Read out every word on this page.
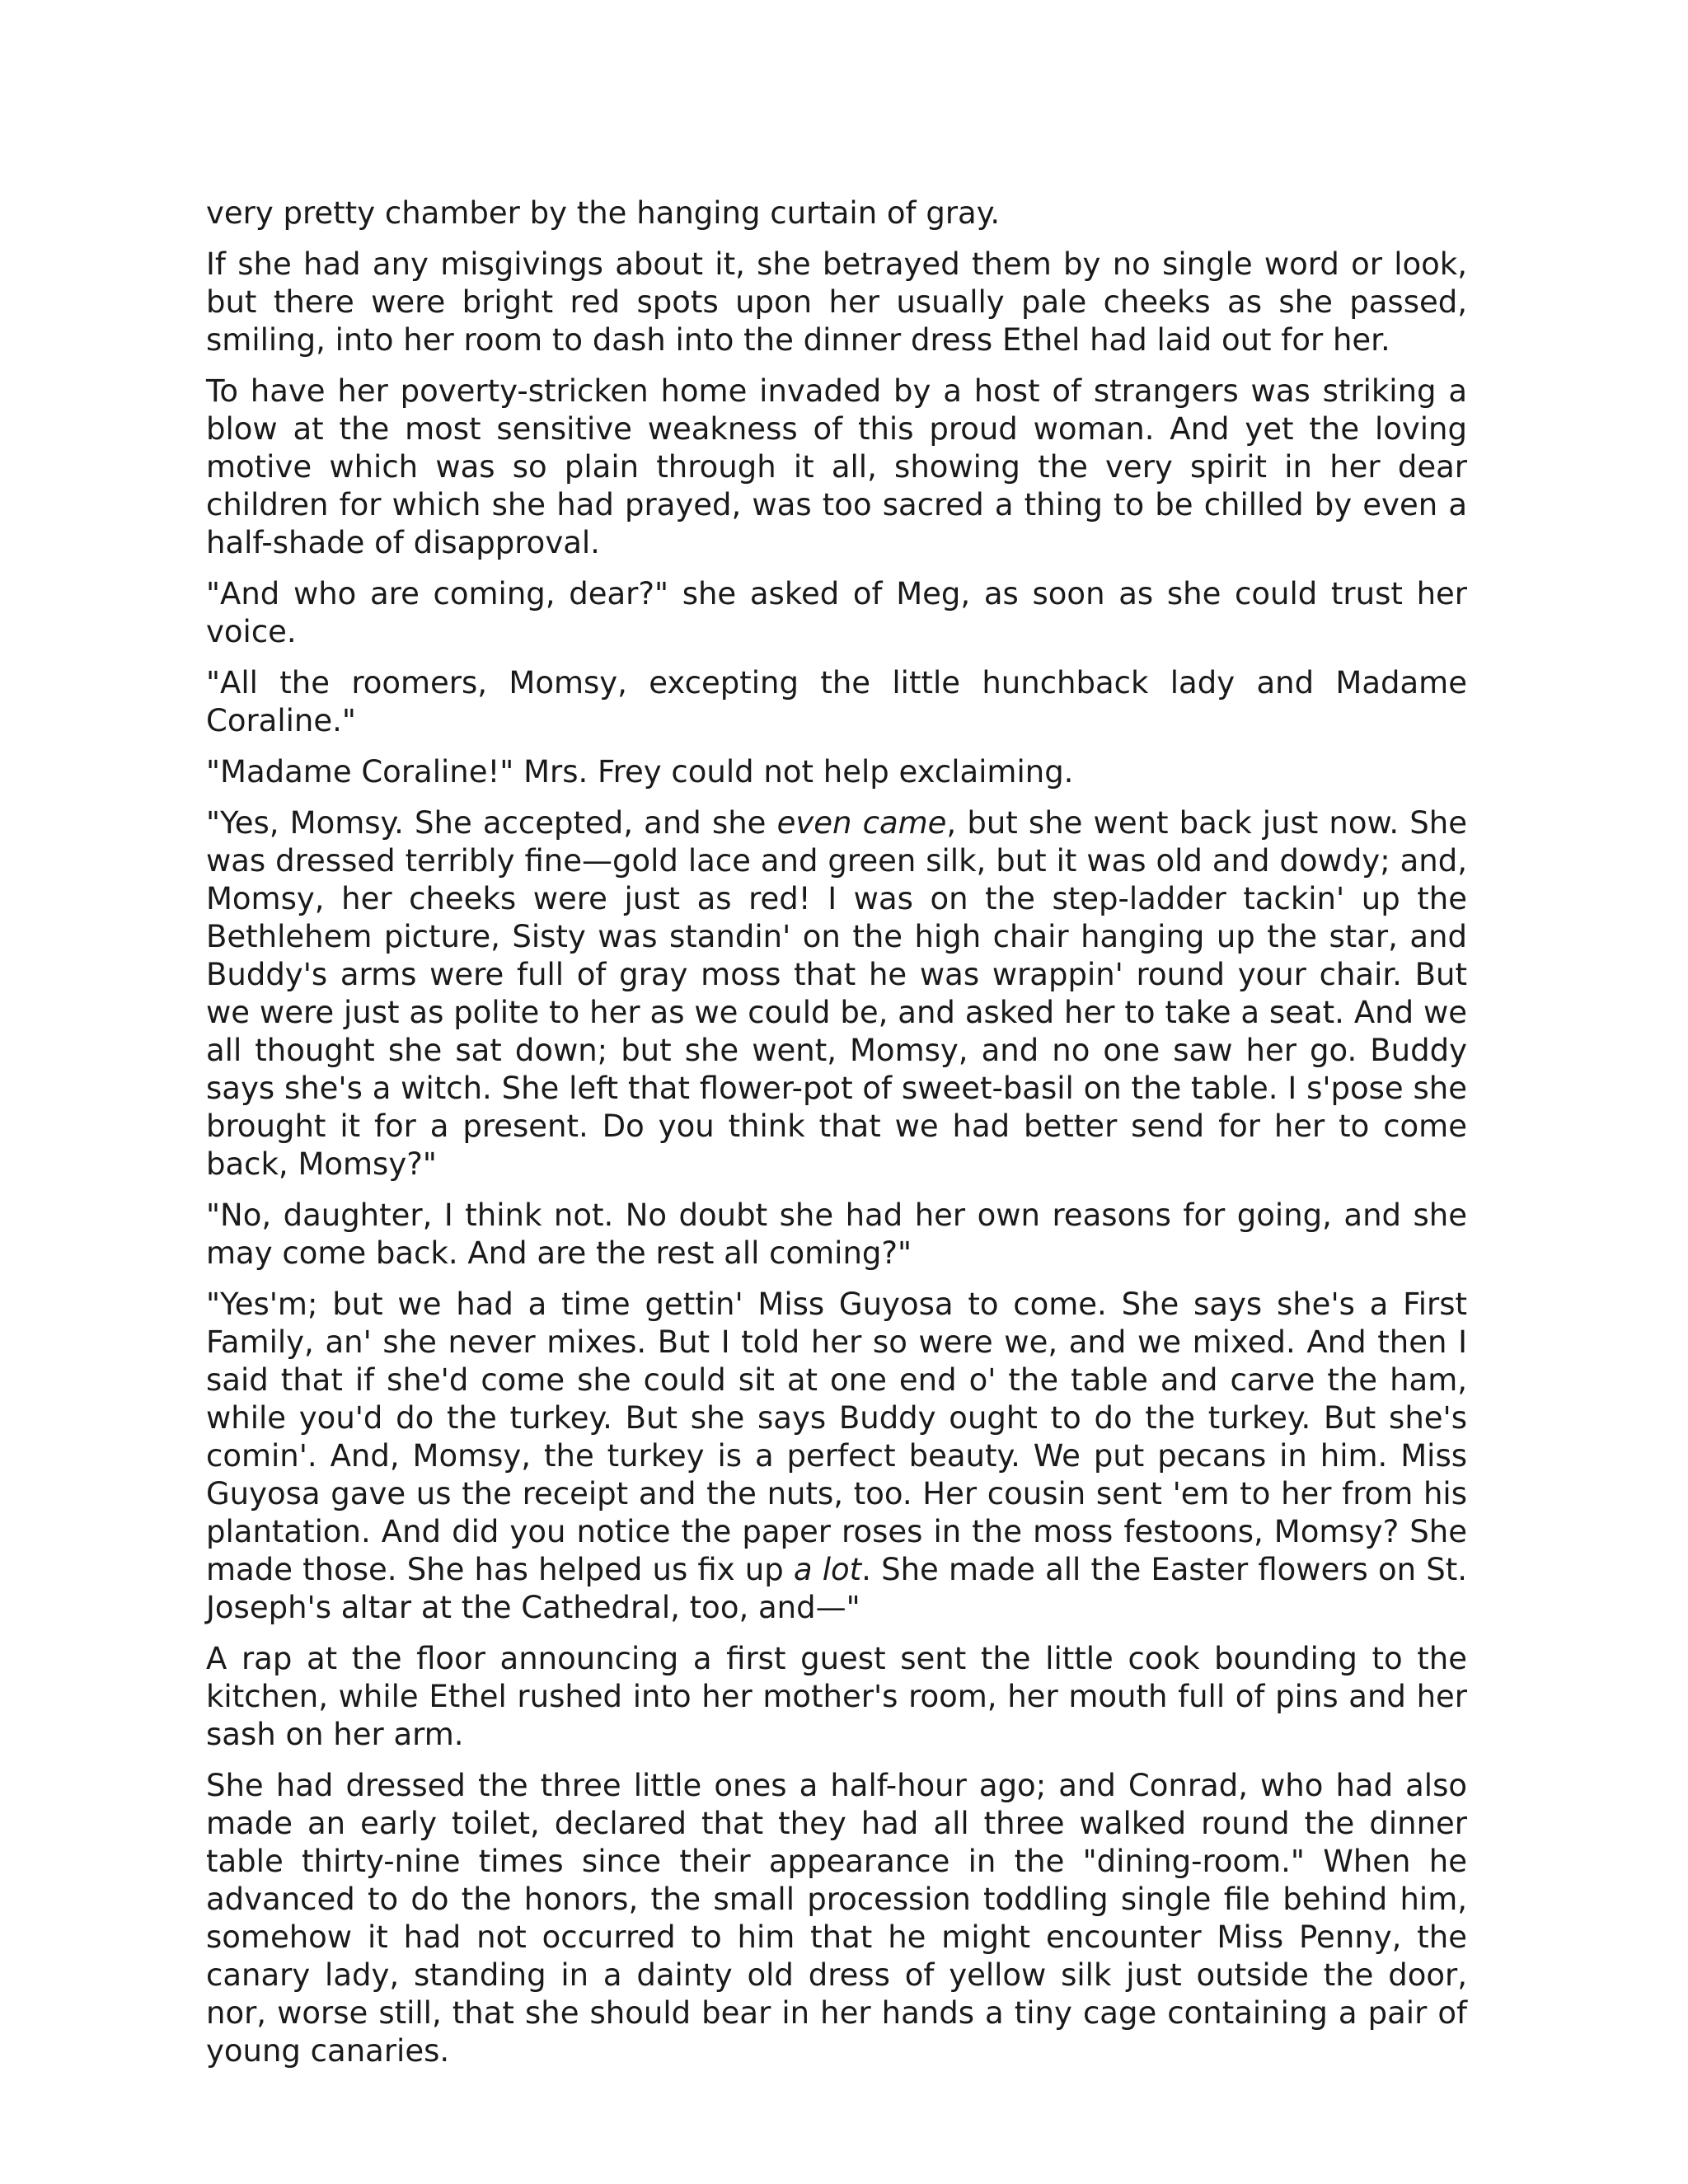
very pretty chamber by the hanging curtain of gray.

If she had any misgivings about it, she betrayed them by no single word or look, but there were bright red spots upon her usually pale cheeks as she passed, smiling, into her room to dash into the dinner dress Ethel had laid out for her.

To have her poverty-stricken home invaded by a host of strangers was striking a blow at the most sensitive weakness of this proud woman. And yet the loving motive which was so plain through it all, showing the very spirit in her dear children for which she had prayed, was too sacred a thing to be chilled by even a half-shade of disapproval.

"And who are coming, dear?" she asked of Meg, as soon as she could trust her voice.

"All the roomers, Momsy, excepting the little hunchback lady and Madame Coraline."

"Madame Coraline!" Mrs. Frey could not help exclaiming.

"Yes, Momsy. She accepted, and she even came, but she went back just now. She was dressed terribly fine—gold lace and green silk, but it was old and dowdy; and, Momsy, her cheeks were just as red! I was on the step-ladder tackin' up the Bethlehem picture, Sisty was standin' on the high chair hanging up the star, and Buddy's arms were full of gray moss that he was wrappin' round your chair. But we were just as polite to her as we could be, and asked her to take a seat. And we all thought she sat down; but she went, Momsy, and no one saw her go. Buddy says she's a witch. She left that flower-pot of sweet-basil on the table. I s'pose she brought it for a present. Do you think that we had better send for her to come back, Momsy?"

"No, daughter, I think not. No doubt she had her own reasons for going, and she may come back. And are the rest all coming?"

"Yes'm; but we had a time gettin' Miss Guyosa to come. She says she's a First Family, an' she never mixes. But I told her so were we, and we mixed. And then I said that if she'd come she could sit at one end o' the table and carve the ham, while you'd do the turkey. But she says Buddy ought to do the turkey. But she's comin'. And, Momsy, the turkey is a perfect beauty. We put pecans in him. Miss Guyosa gave us the receipt and the nuts, too. Her cousin sent 'em to her from his plantation. And did you notice the paper roses in the moss festoons, Momsy? She made those. She has helped us fix up a lot. She made all the Easter flowers on St. Joseph's altar at the Cathedral, too, and—"

A rap at the floor announcing a first guest sent the little cook bounding to the kitchen, while Ethel rushed into her mother's room, her mouth full of pins and her sash on her arm.

She had dressed the three little ones a half-hour ago; and Conrad, who had also made an early toilet, declared that they had all three walked round the dinner table thirty-nine times since their appearance in the "dining-room." When he advanced to do the honors, the small procession toddling single file behind him, somehow it had not occurred to him that he might encounter Miss Penny, the canary lady, standing in a dainty old dress of yellow silk just outside the door, nor, worse still, that she should bear in her hands a tiny cage containing a pair of young canaries.
